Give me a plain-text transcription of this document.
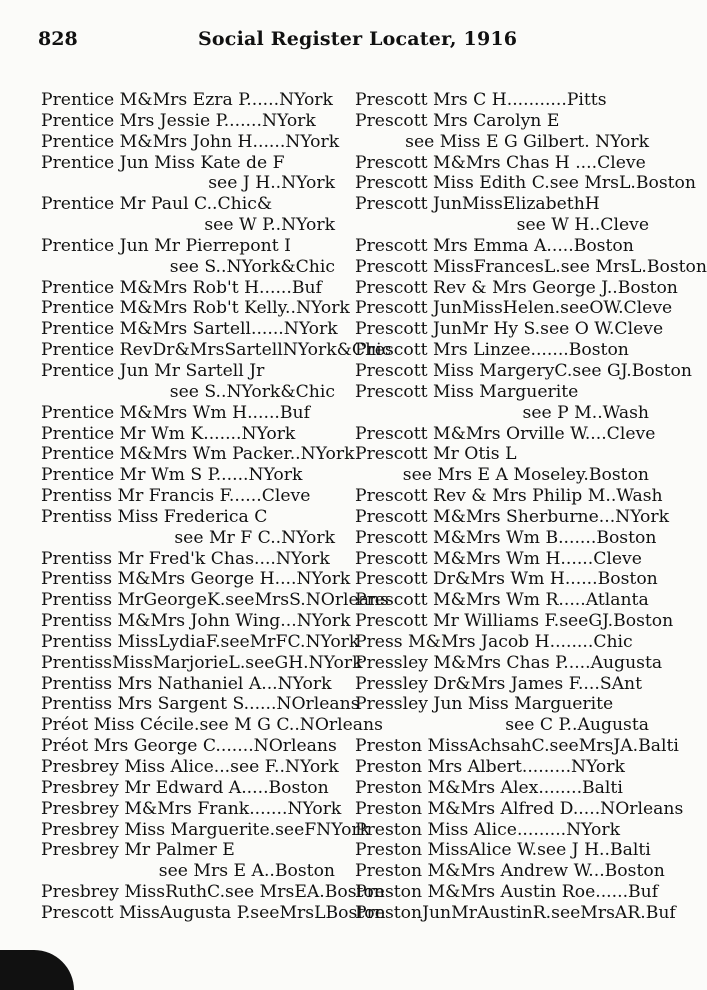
828	Social Register Locater, 1916
Prentice M&Mrs Ezra P......NYork
Prentice Mrs Jessie P.......NYork
Prentice M&Mrs John H......NYork
Prentice Jun Miss Kate de F
see J H..NYork
Prentice Mr Paul C..Chic&
see W P..NYork
Prentice Jun Mr Pierrepont I
see S..NYork&Chic
Prentice M&Mrs Rob't H......Buf
Prentice M&Mrs Rob't Kelly..NYork
Prentice M&Mrs Sartell......NYork
Prentice RevDr&MrsSartellNYork&Chic
Prentice Jun Mr Sartell Jr
see S..NYork&Chic
Prentice M&Mrs Wm H......Buf
Prentice Mr Wm K.......NYork
Prentice M&Mrs Wm Packer..NYork
Prentice Mr Wm S P......NYork
Prentiss Mr Francis F......Cleve
Prentiss Miss Frederica C
see Mr F C..NYork
Prentiss Mr Fred'k Chas....NYork
Prentiss M&Mrs George H....NYork
Prentiss MrGeorgeK.seeMrsS.NOrleans
Prentiss M&Mrs John Wing...NYork
Prentiss MissLydiaF.seeMrFC.NYork
PrentissMissMarjorieL.seeGH.NYork
Prentiss Mrs Nathaniel A...NYork
Prentiss Mrs Sargent S......NOrleans
Préot Miss Cécile.see M G C..NOrleans
Préot Mrs George C.......NOrleans
Presbrey Miss Alice...see F..NYork
Presbrey Mr Edward A.....Boston
Presbrey M&Mrs Frank.......NYork
Presbrey Miss Marguerite.seeFNYork
Presbrey Mr Palmer E
see Mrs E A..Boston
Presbrey MissRuthC.see MrsEA.Boston
Prescott MissAugusta P.seeMrsLBoston
Prescott Mrs C H...........Pitts
Prescott Mrs Carolyn E
see Miss E G Gilbert. NYork
Prescott M&Mrs Chas H ....Cleve
Prescott Miss Edith C.see MrsL.Boston
Prescott JunMissElizabethH
see W H..Cleve
Prescott Mrs Emma A.....Boston
Prescott MissFrancesL.see MrsL.Boston
Prescott Rev & Mrs George J..Boston
Prescott JunMissHelen.seeOW.Cleve
Prescott JunMr Hy S.see O W.Cleve
Prescott Mrs Linzee.......Boston
Prescott Miss MargeryC.see GJ.Boston
Prescott Miss Marguerite
see P M..Wash
Prescott M&Mrs Orville W....Cleve
Prescott Mr Otis L
see Mrs E A Moseley.Boston
Prescott Rev & Mrs Philip M..Wash
Prescott M&Mrs Sherburne...NYork
Prescott M&Mrs Wm B.......Boston
Prescott M&Mrs Wm H......Cleve
Prescott Dr&Mrs Wm H......Boston
Prescott M&Mrs Wm R.....Atlanta
Prescott Mr Williams F.seeGJ.Boston
Press M&Mrs Jacob H........Chic
Pressley M&Mrs Chas P.....Augusta
Pressley Dr&Mrs James F....SAnt
Pressley Jun Miss Marguerite
see C P..Augusta
Preston MissAchsahC.seeMrsJA.Balti
Preston Mrs Albert.........NYork
Preston M&Mrs Alex........Balti
Preston M&Mrs Alfred D.....NOrleans
Preston Miss Alice.........NYork
Preston MissAlice W.see J H..Balti
Preston M&Mrs Andrew W...Boston
Preston M&Mrs Austin Roe......Buf
PrestonJunMrAustinR.seeMrsAR.Buf
